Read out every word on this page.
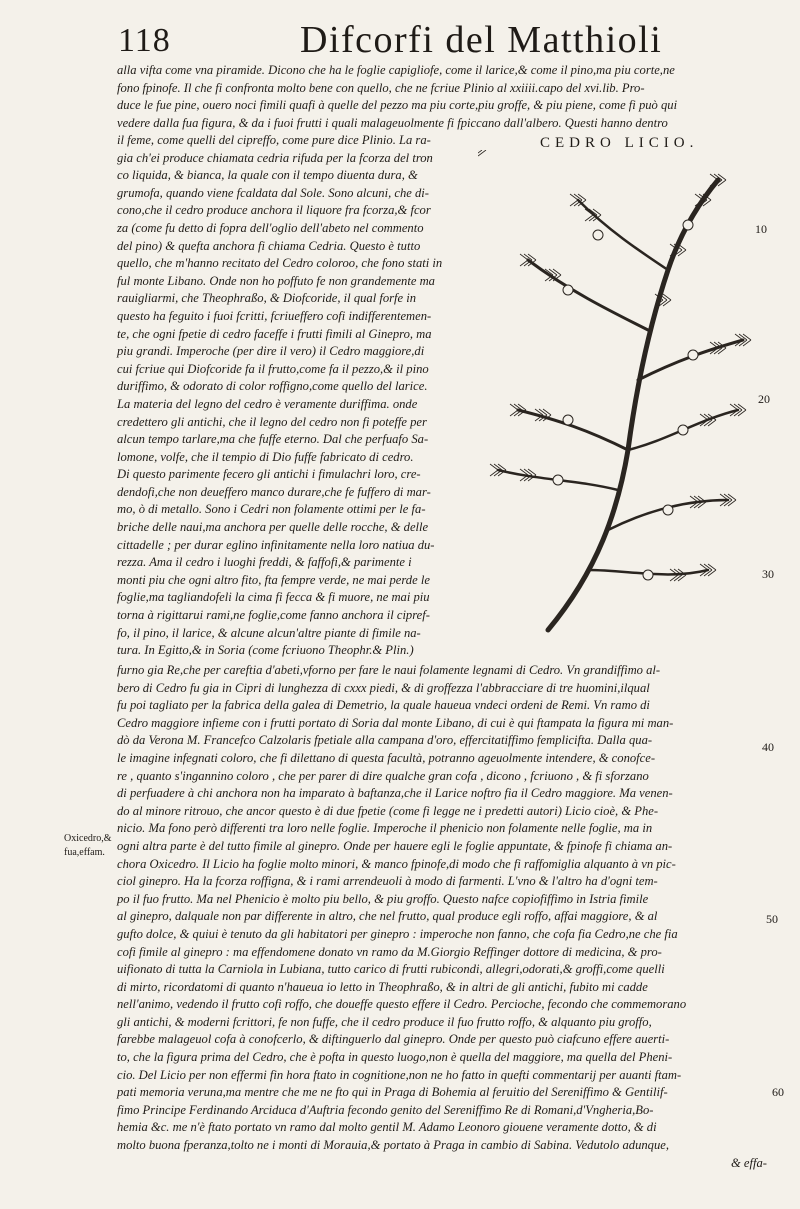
118	Difcorfi del Matthioli
alla vifta come vna piramide. Dicono che ha le foglie capigliofe, come il larice,& come il pino,ma piu corte,ne
fono fpinofe. Il che fi confronta molto bene con quello, che ne fcriue Plinio al xxiiii.capo del xvi.lib. Pro-
duce le fue pine, ouero noci fimili quafi à quelle del pezzo ma piu corte,piu groffe, & piu piene, come fi può qui
vedere dalla fua figura, & da i fuoi frutti i quali malageuolmente fi fpiccano dall'albero. Questi hanno dentro
CEDRO LICIO.
il feme, come quelli del cipreffo, come pure dice Plinio. La ra-
gia ch'ei produce chiamata cedria rifuda per la fcorza del tron
co liquida, & bianca, la quale con il tempo diuenta dura, &
grumofa, quando viene fcaldata dal Sole. Sono alcuni, che di-
cono,che il cedro produce anchora il liquore fra fcorza,& fcor
za (come fu detto di fopra dell'oglio dell'abeto nel commento
del pino) & quefta anchora fi chiama Cedria. Questo è tutto
quello, che m'hanno recitato del Cedro coloroo, che fono stati in
ful monte Libano. Onde non ho poffuto fe non grandemente ma
rauigliarmi, che Theophraßo, & Diofcoride, il qual forfe in
questo ha feguito i fuoi fcritti, fcriueffero cofi indifferentemen-
te, che ogni fpetie di cedro faceffe i frutti fimili al Ginepro, ma
piu grandi. Imperoche (per dire il vero) il Cedro maggiore,di
cui fcriue qui Diofcoride fa il frutto,come fa il pezzo,& il pino
duriffimo, & odorato di color roffigno,come quello del larice.
La materia del legno del cedro è veramente duriffima. onde
credettero gli antichi, che il legno del cedro non fi poteffe per
alcun tempo tarlare,ma che fuffe eterno. Dal che perfuafo Sa-
lomone, volfe, che il tempio di Dio fuffe fabricato di cedro.
Di questo parimente fecero gli antichi i fimulachri loro, cre-
dendofi,che non deueffero manco durare,che fe fuffero di mar-
mo, ò di metallo. Sono i Cedri non folamente ottimi per le fa-
briche delle naui,ma anchora per quelle delle rocche, & delle
cittadelle ; per durar eglino infinitamente nella loro natiua du-
rezza. Ama il cedro i luoghi freddi, & faffofi,& parimente i
monti piu che ogni altro fito, fta fempre verde, ne mai perde le
foglie,ma tagliandofeli la cima fi fecca & fi muore, ne mai piu
torna à rigittarui rami,ne foglie,come fanno anchora il cipref-
fo, il pino, il larice, & alcune alcun'altre piante di fimile na-
tura. In Egitto,& in Soria (come fcriuono Theophr.& Plin.)
10
20
30
40
50
60
Oxicedro,&
fua,effam.
furno gia Re,che per careftia d'abeti,vforno per fare le naui folamente legnami di Cedro. Vn grandiffimo al-
bero di Cedro fu gia in Cipri di lunghezza di cxxx piedi, & di groffezza l'abbracciare di tre huomini,ilqual
fu poi tagliato per la fabrica della galea di Demetrio, la quale haueua vndeci ordeni de Remi. Vn ramo di
Cedro maggiore infieme con i frutti portato di Soria dal monte Libano, di cui è qui ftampata la figura mi man-
dò da Verona M. Francefco Calzolaris fpetiale alla campana d'oro, effercitatiffimo femplicifta. Dalla qua-
le imagine infegnati coloro, che fi dilettano di questa facultà, potranno ageuolmente intendere, & conofce-
re , quanto s'ingannino coloro , che per parer di dire qualche gran cofa , dicono , fcriuono , & fi sforzano
di perfuadere à chi anchora non ha imparato à baftanza,che il Larice noftro fia il Cedro maggiore. Ma venen-
do al minore ritrouo, che ancor questo è di due fpetie (come fi legge ne i predetti autori) Licio cioè, & Phe-
nicio. Ma fono però differenti tra loro nelle foglie. Imperoche il phenicio non folamente nelle foglie, ma in
ogni altra parte è del tutto fimile al ginepro. Onde per hauere egli le foglie appuntate, & fpinofe fi chiama an-
chora Oxicedro. Il Licio ha foglie molto minori, & manco fpinofe,di modo che fi raffomiglia alquanto à vn pic-
ciol ginepro. Ha la fcorza roffigna, & i rami arrendeuoli à modo di farmenti. L'vno & l'altro ha d'ogni tem-
po il fuo frutto. Ma nel Phenicio è molto piu bello, & piu groffo. Questo nafce copiofiffimo in Istria fimile
al ginepro, dalquale non par differente in altro, che nel frutto, qual produce egli roffo, affai maggiore, & al
gufto dolce, & quiui è tenuto da gli habitatori per ginepro : imperoche non fanno, che cofa fia Cedro,ne che fia
cofi fimile al ginepro : ma effendomene donato vn ramo da M.Giorgio Reffinger dottore di medicina, & pro-
uifionato di tutta la Carniola in Lubiana, tutto carico di frutti rubicondi, allegri,odorati,& groffi,come quelli
di mirto, ricordatomi di quanto n'haueua io letto in Theophraßo, & in altri de gli antichi, fubito mi cadde
nell'animo, vedendo il frutto cofi roffo, che doueffe questo effere il Cedro. Percioche, fecondo che commemorano
gli antichi, & moderni fcrittori, fe non fuffe, che il cedro produce il fuo frutto roffo, & alquanto piu groffo,
farebbe malageuol cofa à conofcerlo, & diftinguerlo dal ginepro. Onde per questo può ciafcuno effere auerti-
to, che la figura prima del Cedro, che è pofta in questo luogo,non è quella del maggiore, ma quella del Pheni-
cio. Del Licio per non effermi fin hora ftato in cognitione,non ne ho fatto in quefti commentarij per auanti ftam-
pati memoria veruna,ma mentre che me ne fto qui in Praga di Bohemia al feruitio del Sereniffimo & Gentilif-
fimo Principe Ferdinando Arciduca d'Auftria fecondo genito del Sereniffimo Re di Romani,d'Vngheria,Bo-
hemia &c. me n'è ftato portato vn ramo dal molto gentil M. Adamo Leonoro giouene veramente dotto, & di
molto buona fperanza,tolto ne i monti di Morauia,& portato à Praga in cambio di Sabina. Vedutolo adunque,
& effa-
